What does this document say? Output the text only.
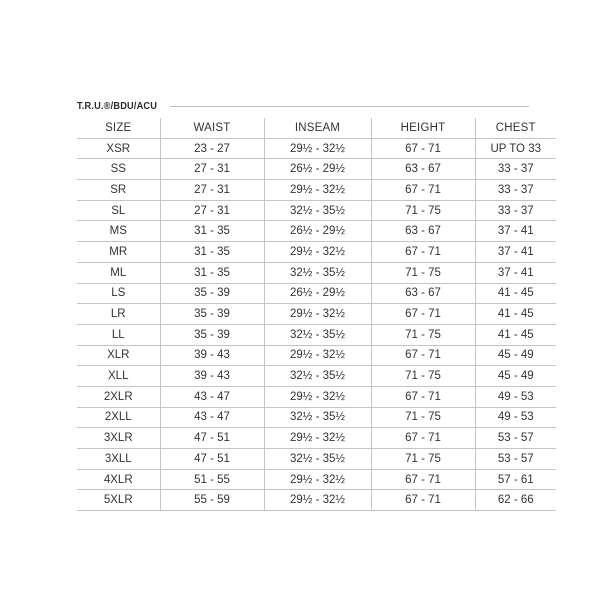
T.R.U.®/BDU/ACU
SIZE	WAIST	INSEAM	HEIGHT	CHEST
XSR	23 - 27	29½ - 32½	67 - 71	UP TO 33
SS	27 - 31	26½ - 29½	63 - 67	33 - 37
SR	27 - 31	29½ - 32½	67 - 71	33 - 37
SL	27 - 31	32½ - 35½	71 - 75	33 - 37
MS	31 - 35	26½ - 29½	63 - 67	37 - 41
MR	31 - 35	29½ - 32½	67 - 71	37 - 41
ML	31 - 35	32½ - 35½	71 - 75	37 - 41
LS	35 - 39	26½ - 29½	63 - 67	41 - 45
LR	35 - 39	29½ - 32½	67 - 71	41 - 45
LL	35 - 39	32½ - 35½	71 - 75	41 - 45
XLR	39 - 43	29½ - 32½	67 - 71	45 - 49
XLL	39 - 43	32½ - 35½	71 - 75	45 - 49
2XLR	43 - 47	29½ - 32½	67 - 71	49 - 53
2XLL	43 - 47	32½ - 35½	71 - 75	49 - 53
3XLR	47 - 51	29½ - 32½	67 - 71	53 - 57
3XLL	47 - 51	32½ - 35½	71 - 75	53 - 57
4XLR	51 - 55	29½ - 32½	67 - 71	57 - 61
5XLR	55 - 59	29½ - 32½	67 - 71	62 - 66
